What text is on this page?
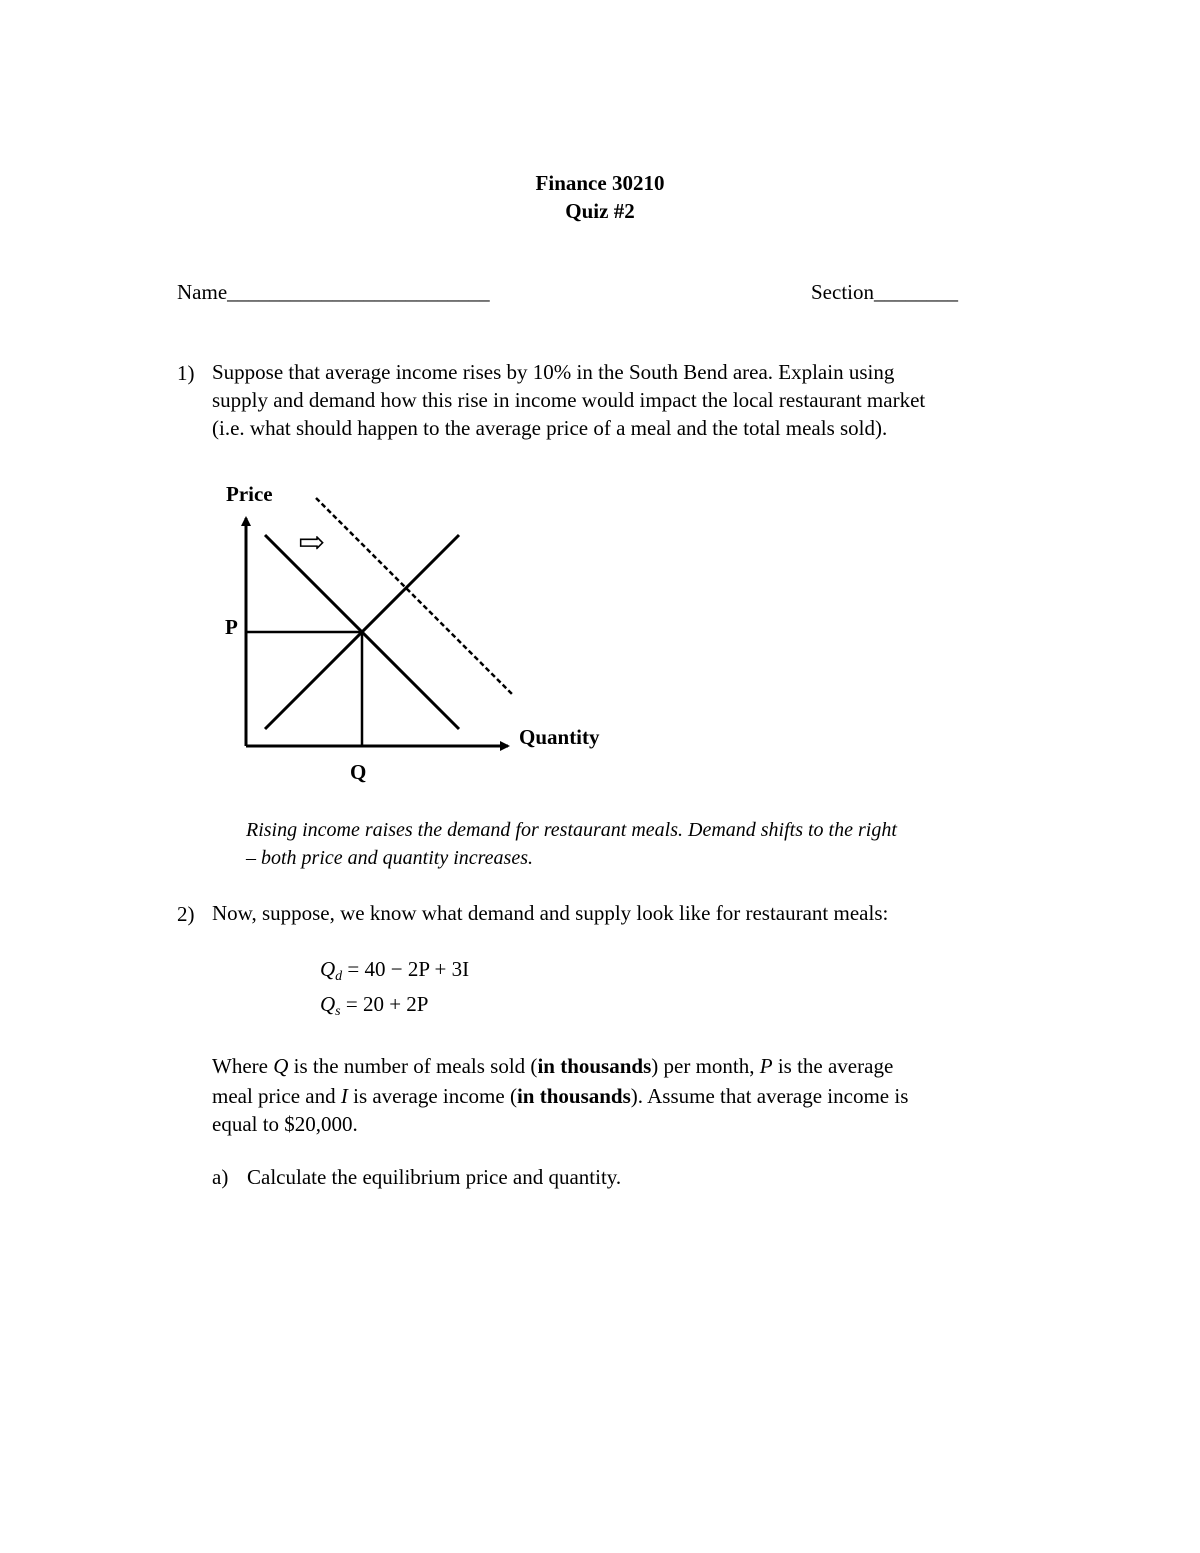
Finance 30210
Quiz #2
Name_________________________	Section________
1) Suppose that average income rises by 10% in the South Bend area. Explain using
supply and demand how this rise in income would impact the local restaurant market
(i.e. what should happen to the average price of a meal and the total meals sold).
Price
P
Quantity
Q
⇨
Rising income raises the demand for restaurant meals. Demand shifts to the right
– both price and quantity increases.
2) Now, suppose, we know what demand and supply look like for restaurant meals:
$Q_d = 40 - 2P + 3I$
$Q_s = 20 + 2P$
Where Q is the number of meals sold (in thousands) per month, P is the average
meal price and I is average income (in thousands). Assume that average income is
equal to $20,000.
a) Calculate the equilibrium price and quantity.
